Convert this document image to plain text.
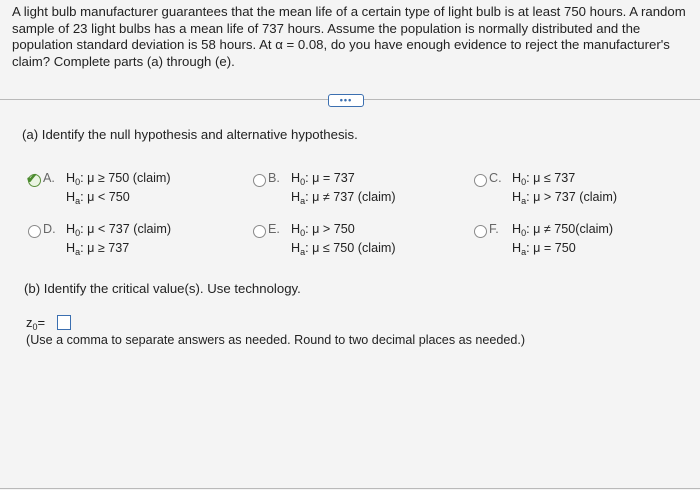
A light bulb manufacturer guarantees that the mean life of a certain type of light bulb is at least 750 hours. A random sample of 23 light bulbs has a mean life of 737 hours. Assume the population is normally distributed and the population standard deviation is 58 hours. At α = 0.08, do you have enough evidence to reject the manufacturer's claim? Complete parts (a) through (e).
•••
(a) Identify the null hypothesis and alternative hypothesis.
✔ A. $H_0$: μ ≥ 750 (claim)
$H_a$: μ < 750
B. $H_0$: μ = 737
$H_a$: μ ≠ 737 (claim)
C. $H_0$: μ ≤ 737
$H_a$: μ > 737 (claim)
D. $H_0$: μ < 737 (claim)
$H_a$: μ ≥ 737
E. $H_0$: μ > 750
$H_a$: μ ≤ 750 (claim)
F. $H_0$: μ ≠ 750(claim)
$H_a$: μ = 750
(b) Identify the critical value(s). Use technology.
$z_0=$
(Use a comma to separate answers as needed. Round to two decimal places as needed.)
